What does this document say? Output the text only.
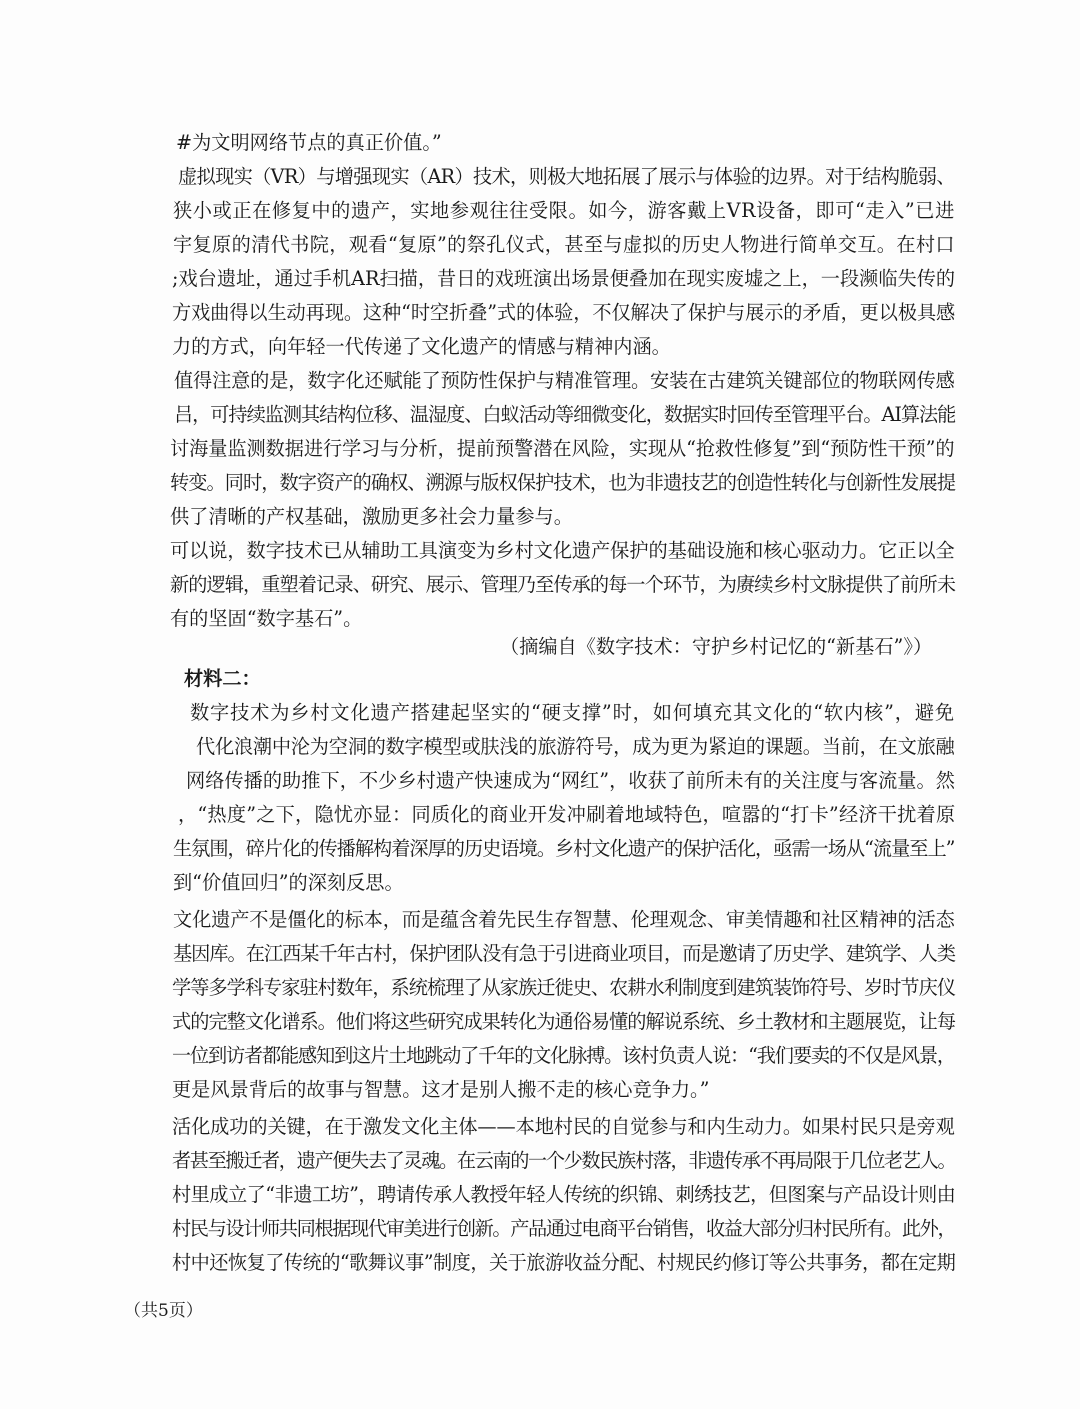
#为文明网络节点的真正价值。”
虚拟现实（VR）与增强现实（AR）技术，则极大地拓展了展示与体验的边界。对于结构脆弱、
狭小或正在修复中的遗产，实地参观往往受限。如今，游客戴上VR设备，即可“走入”已进
宇复原的清代书院，观看“复原”的祭孔仪式，甚至与虚拟的历史人物进行简单交互。在村口
;戏台遗址，通过手机AR扫描，昔日的戏班演出场景便叠加在现实废墟之上，一段濒临失传的
方戏曲得以生动再现。这种“时空折叠”式的体验，不仅解决了保护与展示的矛盾，更以极具感
力的方式，向年轻一代传递了文化遗产的情感与精神内涵。
值得注意的是，数字化还赋能了预防性保护与精准管理。安装在古建筑关键部位的物联网传感
吕，可持续监测其结构位移、温湿度、白蚁活动等细微变化，数据实时回传至管理平台。AI算法能
讨海量监测数据进行学习与分析，提前预警潜在风险，实现从“抢救性修复”到“预防性干预”的
转变。同时，数字资产的确权、溯源与版权保护技术，也为非遗技艺的创造性转化与创新性发展提
供了清晰的产权基础，激励更多社会力量参与。
可以说，数字技术已从辅助工具演变为乡村文化遗产保护的基础设施和核心驱动力。它正以全
新的逻辑，重塑着记录、研究、展示、管理乃至传承的每一个环节，为赓续乡村文脉提供了前所未
有的坚固“数字基石”。
（摘编自《数字技术：守护乡村记忆的“新基石”》）
材料二：
数字技术为乡村文化遗产搭建起坚实的“硬支撑”时，如何填充其文化的“软内核”，避免
代化浪潮中沦为空洞的数字模型或肤浅的旅游符号，成为更为紧迫的课题。当前，在文旅融
网络传播的助推下，不少乡村遗产快速成为“网红”，收获了前所未有的关注度与客流量。然
，“热度”之下，隐忧亦显：同质化的商业开发冲刷着地域特色，喧嚣的“打卡”经济干扰着原
生氛围，碎片化的传播解构着深厚的历史语境。乡村文化遗产的保护活化，亟需一场从“流量至上”
到“价值回归”的深刻反思。
文化遗产不是僵化的标本，而是蕴含着先民生存智慧、伦理观念、审美情趣和社区精神的活态
基因库。在江西某千年古村，保护团队没有急于引进商业项目，而是邀请了历史学、建筑学、人类
学等多学科专家驻村数年，系统梳理了从家族迁徙史、农耕水利制度到建筑装饰符号、岁时节庆仪
式的完整文化谱系。他们将这些研究成果转化为通俗易懂的解说系统、乡土教材和主题展览，让每
一位到访者都能感知到这片土地跳动了千年的文化脉搏。该村负责人说：“我们要卖的不仅是风景，
更是风景背后的故事与智慧。这才是别人搬不走的核心竞争力。”
活化成功的关键，在于激发文化主体——本地村民的自觉参与和内生动力。如果村民只是旁观
者甚至搬迁者，遗产便失去了灵魂。在云南的一个少数民族村落，非遗传承不再局限于几位老艺人。
村里成立了“非遗工坊”，聘请传承人教授年轻人传统的织锦、刺绣技艺，但图案与产品设计则由
村民与设计师共同根据现代审美进行创新。产品通过电商平台销售，收益大部分归村民所有。此外，
村中还恢复了传统的“歌舞议事”制度，关于旅游收益分配、村规民约修订等公共事务，都在定期
（共5页）
